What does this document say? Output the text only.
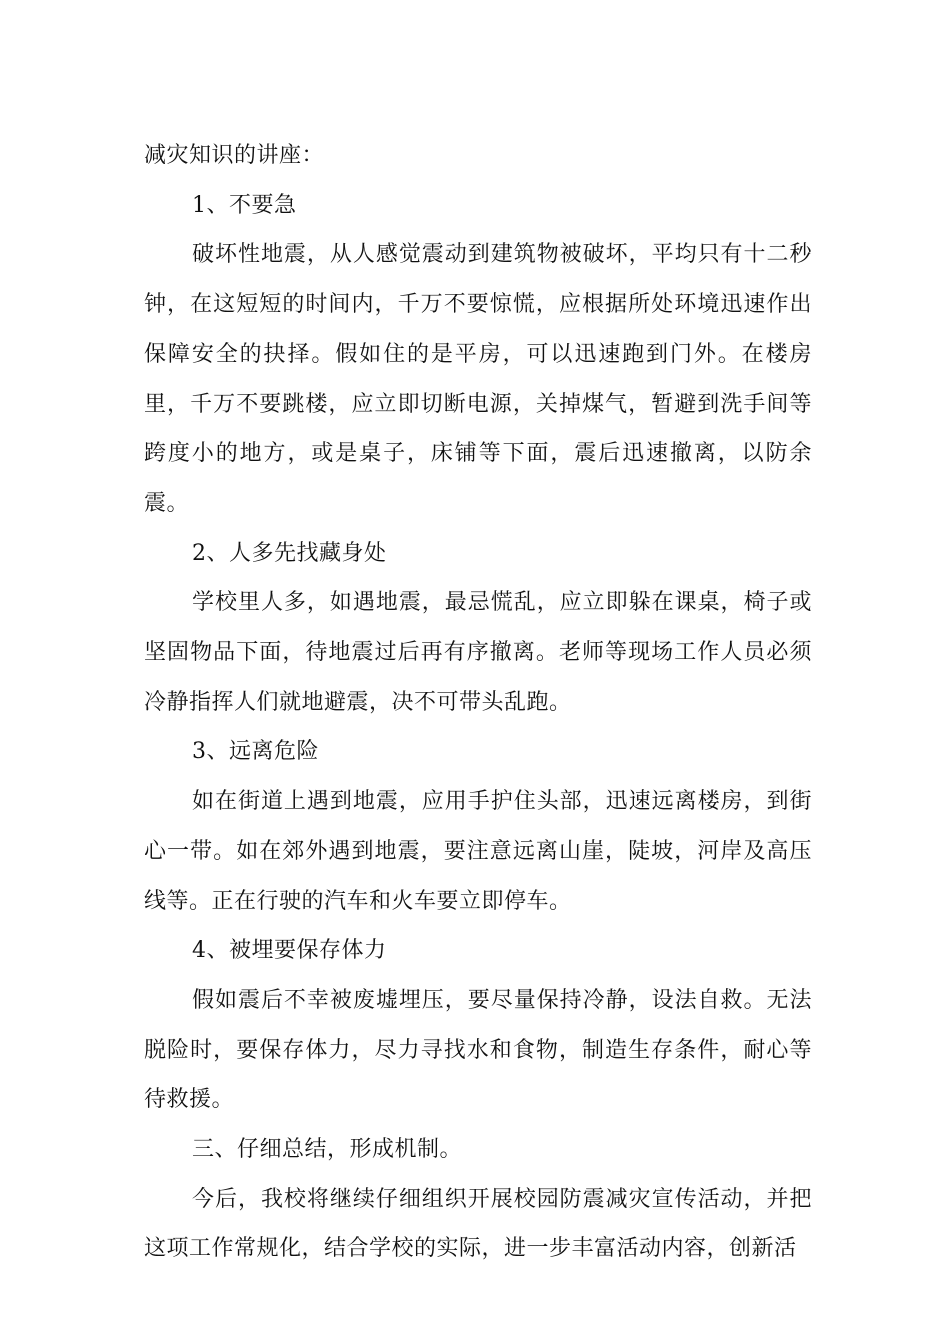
减灾知识的讲座：

1、不要急

破坏性地震，从人感觉震动到建筑物被破坏，平均只有十二秒钟，在这短短的时间内，千万不要惊慌，应根据所处环境迅速作出保障安全的抉择。假如住的是平房，可以迅速跑到门外。在楼房里，千万不要跳楼，应立即切断电源，关掉煤气，暂避到洗手间等跨度小的地方，或是桌子，床铺等下面，震后迅速撤离，以防余震。

2、人多先找藏身处

学校里人多，如遇地震，最忌慌乱，应立即躲在课桌，椅子或坚固物品下面，待地震过后再有序撤离。老师等现场工作人员必须冷静指挥人们就地避震，决不可带头乱跑。

3、远离危险

如在街道上遇到地震，应用手护住头部，迅速远离楼房，到街心一带。如在郊外遇到地震，要注意远离山崖，陡坡，河岸及高压线等。正在行驶的汽车和火车要立即停车。

4、被埋要保存体力

假如震后不幸被废墟埋压，要尽量保持冷静，设法自救。无法脱险时，要保存体力，尽力寻找水和食物，制造生存条件，耐心等待救援。

三、仔细总结，形成机制。

今后，我校将继续仔细组织开展校园防震减灾宣传活动，并把这项工作常规化，结合学校的实际，进一步丰富活动内容，创新活
